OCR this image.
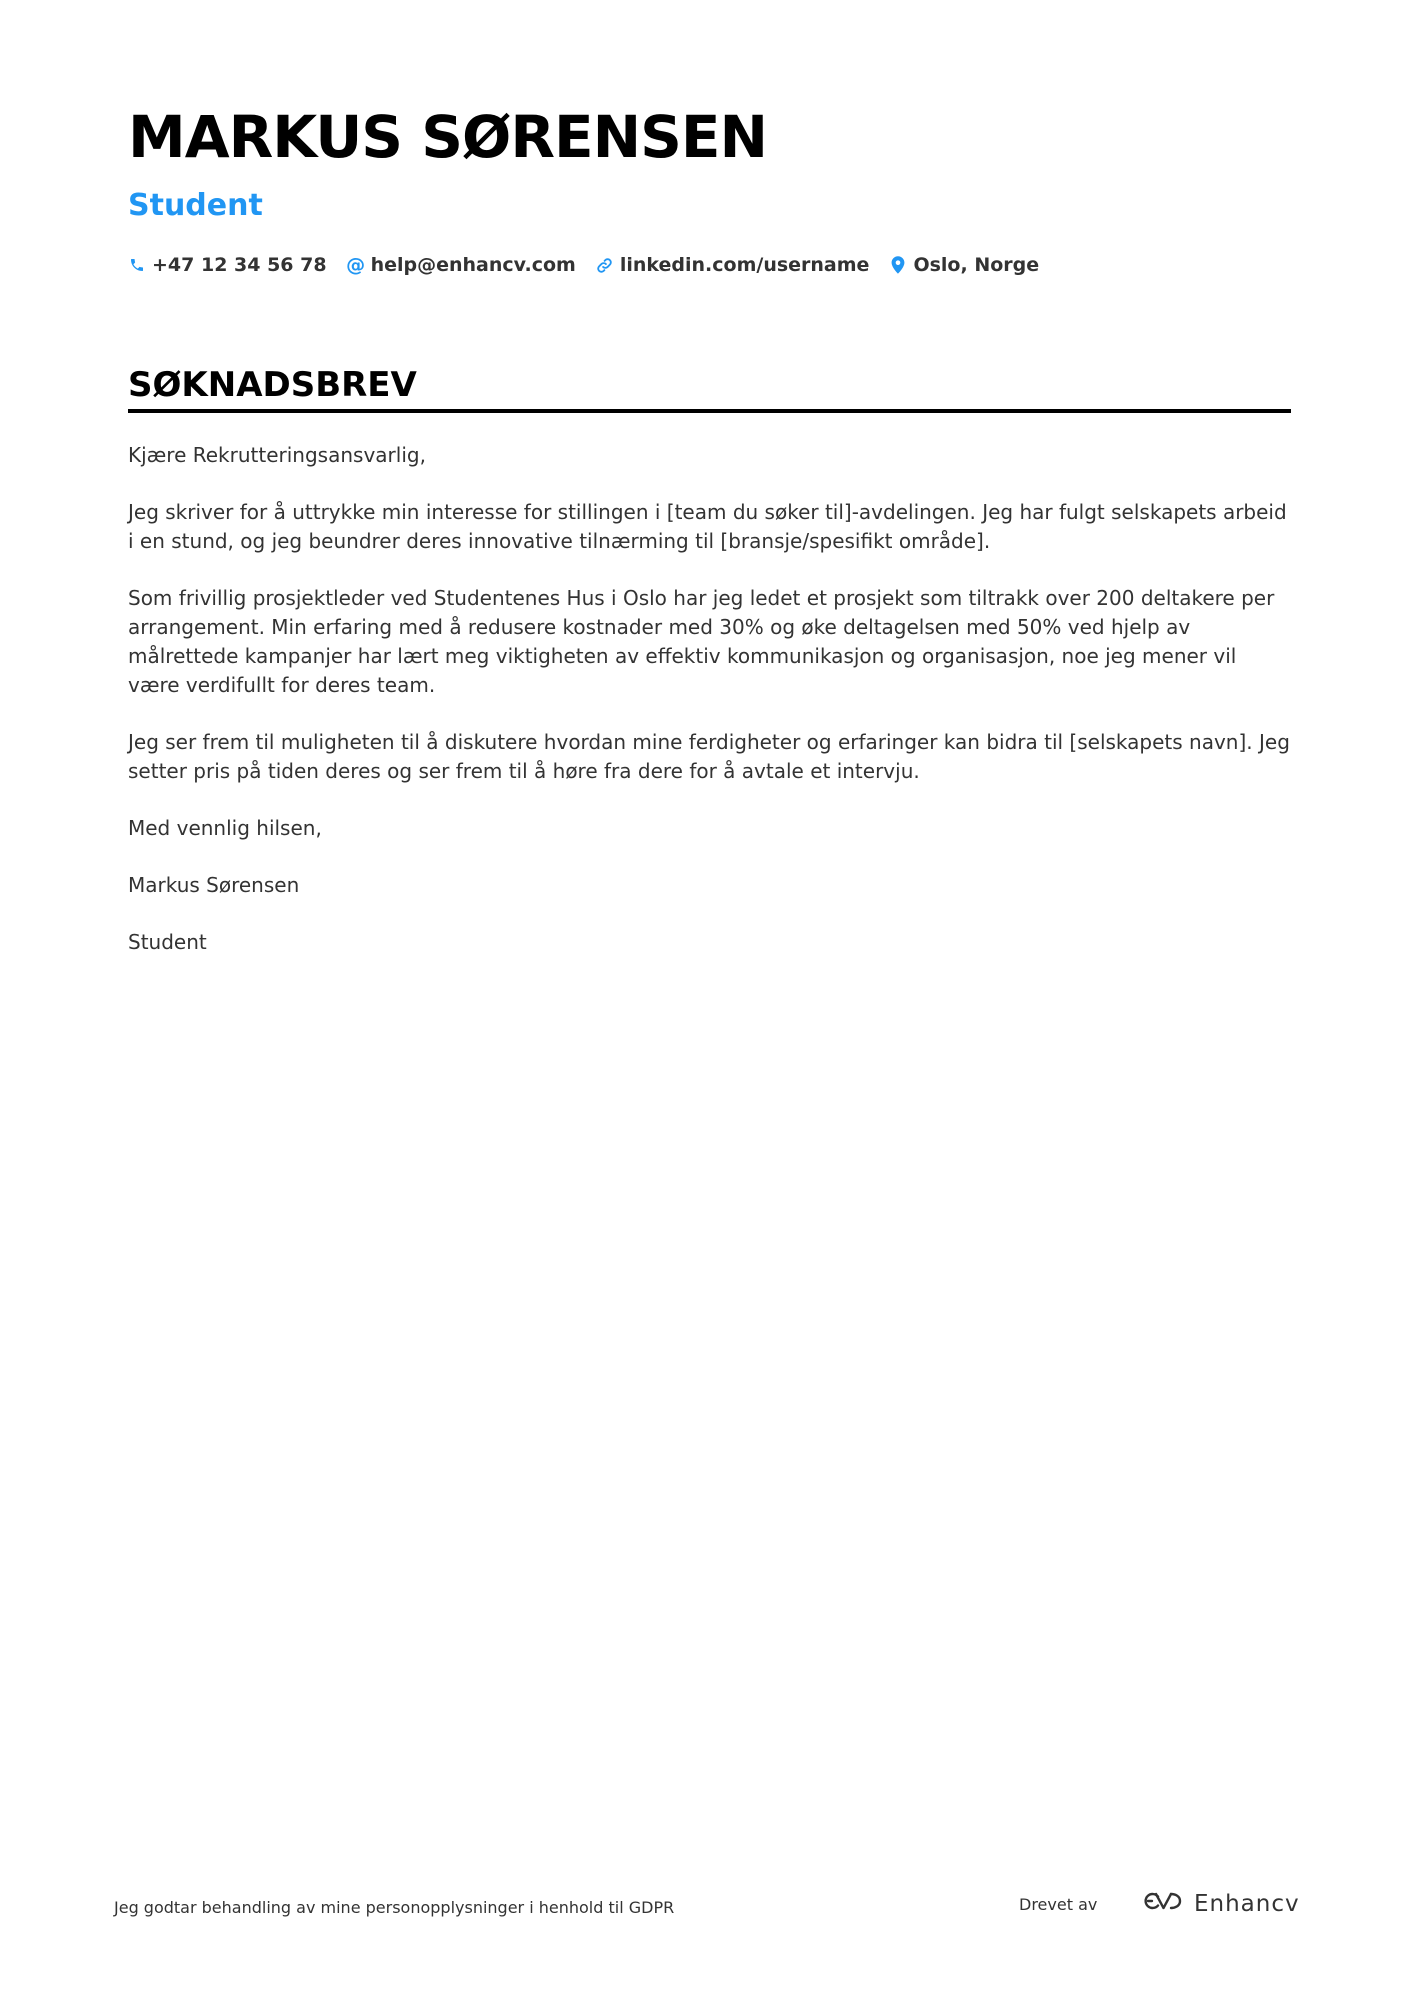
MARKUS SØRENSEN
Student
+47 12 34 56 78 @ help@enhancv.com linkedin.com/username Oslo, Norge
SØKNADSBREV

Kjære Rekrutteringsansvarlig,

Jeg skriver for å uttrykke min interesse for stillingen i [team du søker til]-avdelingen. Jeg har fulgt selskapets arbeid i en stund, og jeg beundrer deres innovative tilnærming til [bransje/spesifikt område].

Som frivillig prosjektleder ved Studentenes Hus i Oslo har jeg ledet et prosjekt som tiltrakk over 200 deltakere per arrangement. Min erfaring med å redusere kostnader med 30% og øke deltagelsen med 50% ved hjelp av målrettede kampanjer har lært meg viktigheten av effektiv kommunikasjon og organisasjon, noe jeg mener vil være verdifullt for deres team.

Jeg ser frem til muligheten til å diskutere hvordan mine ferdigheter og erfaringer kan bidra til [selskapets navn]. Jeg setter pris på tiden deres og ser frem til å høre fra dere for å avtale et intervju.

Med vennlig hilsen,

Markus Sørensen

Student

Jeg godtar behandling av mine personopplysninger i henhold til GDPR	Drevet av	Enhancv
